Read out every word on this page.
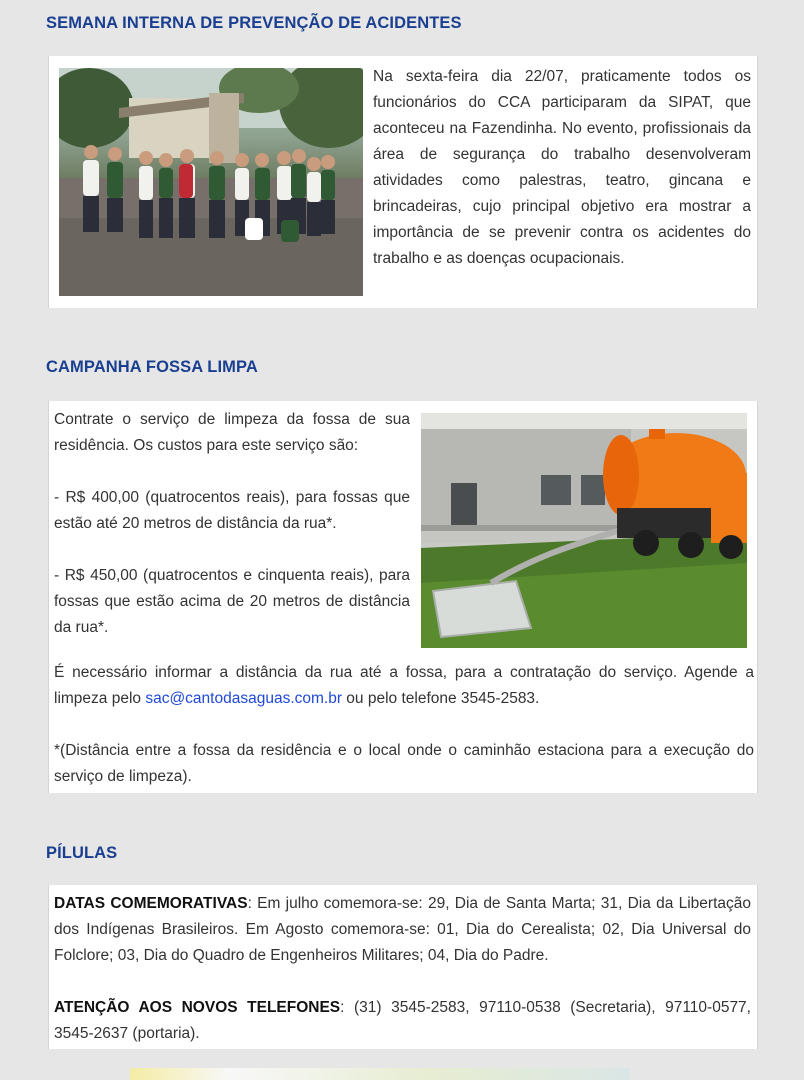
SEMANA INTERNA DE PREVENÇÃO DE ACIDENTES

Na sexta-feira dia 22/07, praticamente todos os funcionários do CCA participaram da SIPAT, que aconteceu na Fazendinha. No evento, profissionais da área de segurança do trabalho desenvolveram atividades como palestras, teatro, gincana e brincadeiras, cujo principal objetivo era mostrar a importância de se prevenir contra os acidentes do trabalho e as doenças ocupacionais.

CAMPANHA FOSSA LIMPA

Contrate o serviço de limpeza da fossa de sua residência. Os custos para este serviço são:

- R$ 400,00 (quatrocentos reais), para fossas que estão até 20 metros de distância da rua*.

- R$ 450,00 (quatrocentos e cinquenta reais), para fossas que estão acima de 20 metros de distância da rua*.

É necessário informar a distância da rua até a fossa, para a contratação do serviço. Agende a limpeza pelo sac@cantodasaguas.com.br ou pelo telefone 3545-2583.

*(Distância entre a fossa da residência e o local onde o caminhão estaciona para a execução do serviço de limpeza).

PÍLULAS

DATAS COMEMORATIVAS: Em julho comemora-se: 29, Dia de Santa Marta; 31, Dia da Libertação dos Indígenas Brasileiros. Em Agosto comemora-se: 01, Dia do Cerealista; 02, Dia Universal do Folclore; 03, Dia do Quadro de Engenheiros Militares; 04, Dia do Padre.

ATENÇÃO AOS NOVOS TELEFONES: (31) 3545-2583, 97110-0538 (Secretaria), 97110-0577, 3545-2637 (portaria).
